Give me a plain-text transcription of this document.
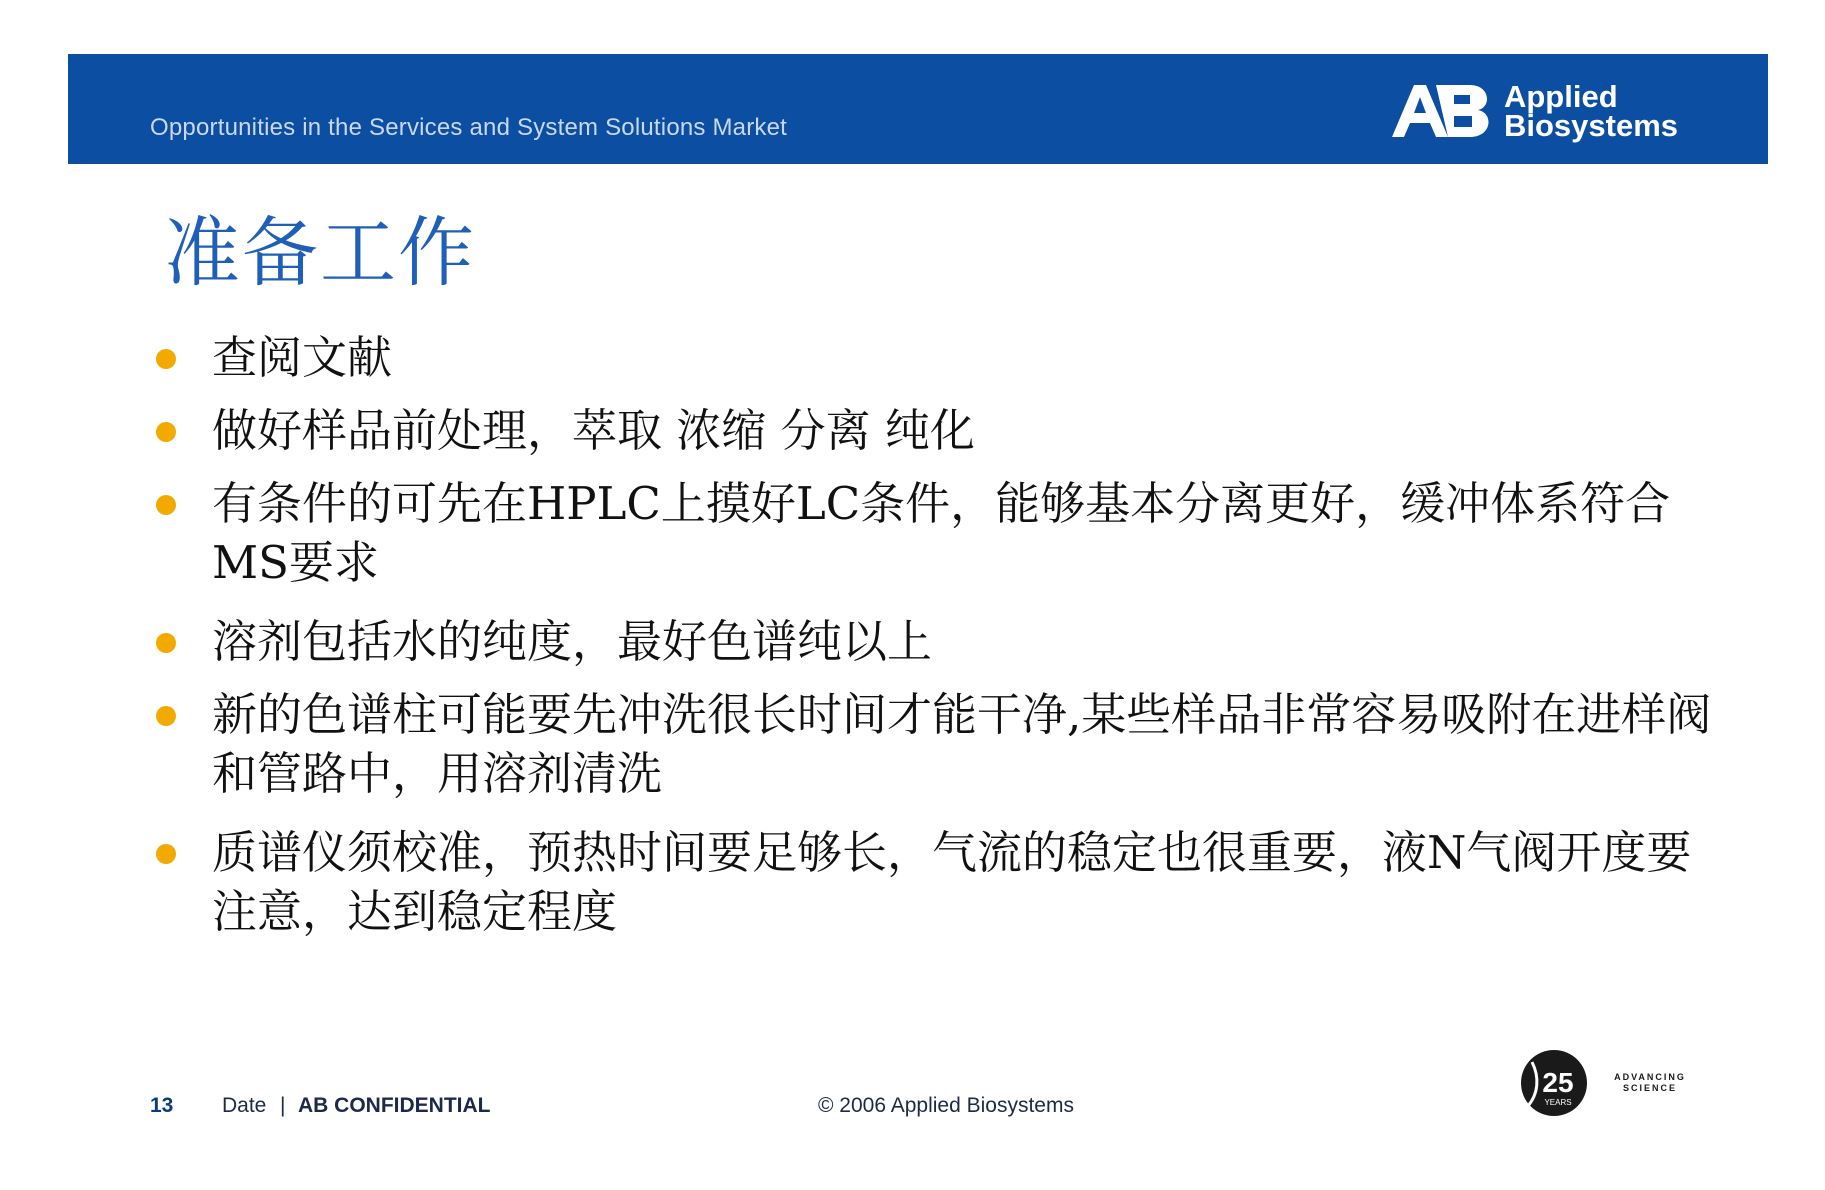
Opportunities in the Services and System Solutions Market
Applied
Biosystems
准备工作
查阅文献
做好样品前处理，萃取 浓缩 分离 纯化
有条件的可先在HPLC上摸好LC条件，能够基本分离更好，缓冲体系符合MS要求
溶剂包括水的纯度，最好色谱纯以上
新的色谱柱可能要先冲洗很长时间才能干净,某些样品非常容易吸附在进样阀和管路中，用溶剂清洗
质谱仪须校准，预热时间要足够长，气流的稳定也很重要，液N气阀开度要注意，达到稳定程度
13 Date | AB CONFIDENTIAL	© 2006 Applied Biosystems
25
YEARS
ADVANCING
SCIENCE
